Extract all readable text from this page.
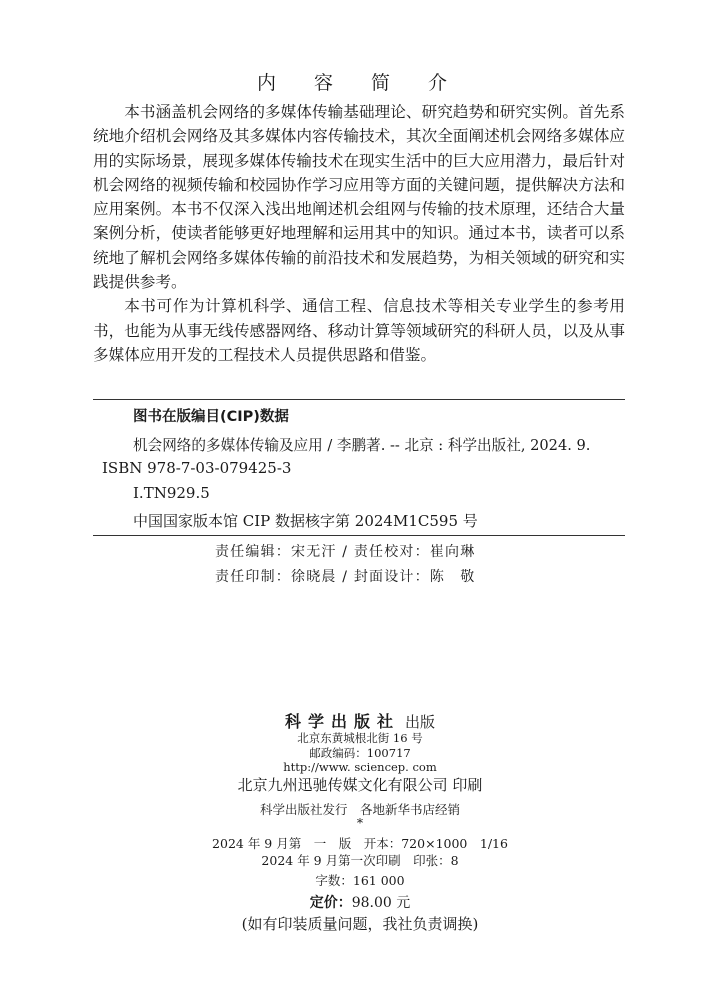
内 容 简 介

本书涵盖机会网络的多媒体传输基础理论、研究趋势和研究实例。首先系统地介绍机会网络及其多媒体内容传输技术，其次全面阐述机会网络多媒体应用的实际场景，展现多媒体传输技术在现实生活中的巨大应用潜力，最后针对机会网络的视频传输和校园协作学习应用等方面的关键问题，提供解决方法和应用案例。本书不仅深入浅出地阐述机会组网与传输的技术原理，还结合大量案例分析，使读者能够更好地理解和运用其中的知识。通过本书，读者可以系统地了解机会网络多媒体传输的前沿技术和发展趋势，为相关领域的研究和实践提供参考。

本书可作为计算机科学、通信工程、信息技术等相关专业学生的参考用书，也能为从事无线传感器网络、移动计算等领域研究的科研人员，以及从事多媒体应用开发的工程技术人员提供思路和借鉴。

图书在版编目(CIP)数据
机会网络的多媒体传输及应用 / 李鹏著. -- 北京 : 科学出版社, 2024. 9.
ISBN 978-7-03-079425-3
Ⅰ.TN929.5
中国国家版本馆 CIP 数据核字第 2024M1C595 号
责任编辑：宋无汗 / 责任校对：崔向琳
责任印制：徐晓晨 / 封面设计：陈　敬
科学出版社 出版
北京东黄城根北街 16 号
邮政编码：100717
http://www. sciencep. com
北京九州迅驰传媒文化有限公司 印刷
科学出版社发行　各地新华书店经销
*
2024 年 9 月第　一　版　开本：720×1000　1/16
2024 年 9 月第一次印刷　印张：8
字数：161 000
定价：98.00 元
(如有印装质量问题，我社负责调换)
